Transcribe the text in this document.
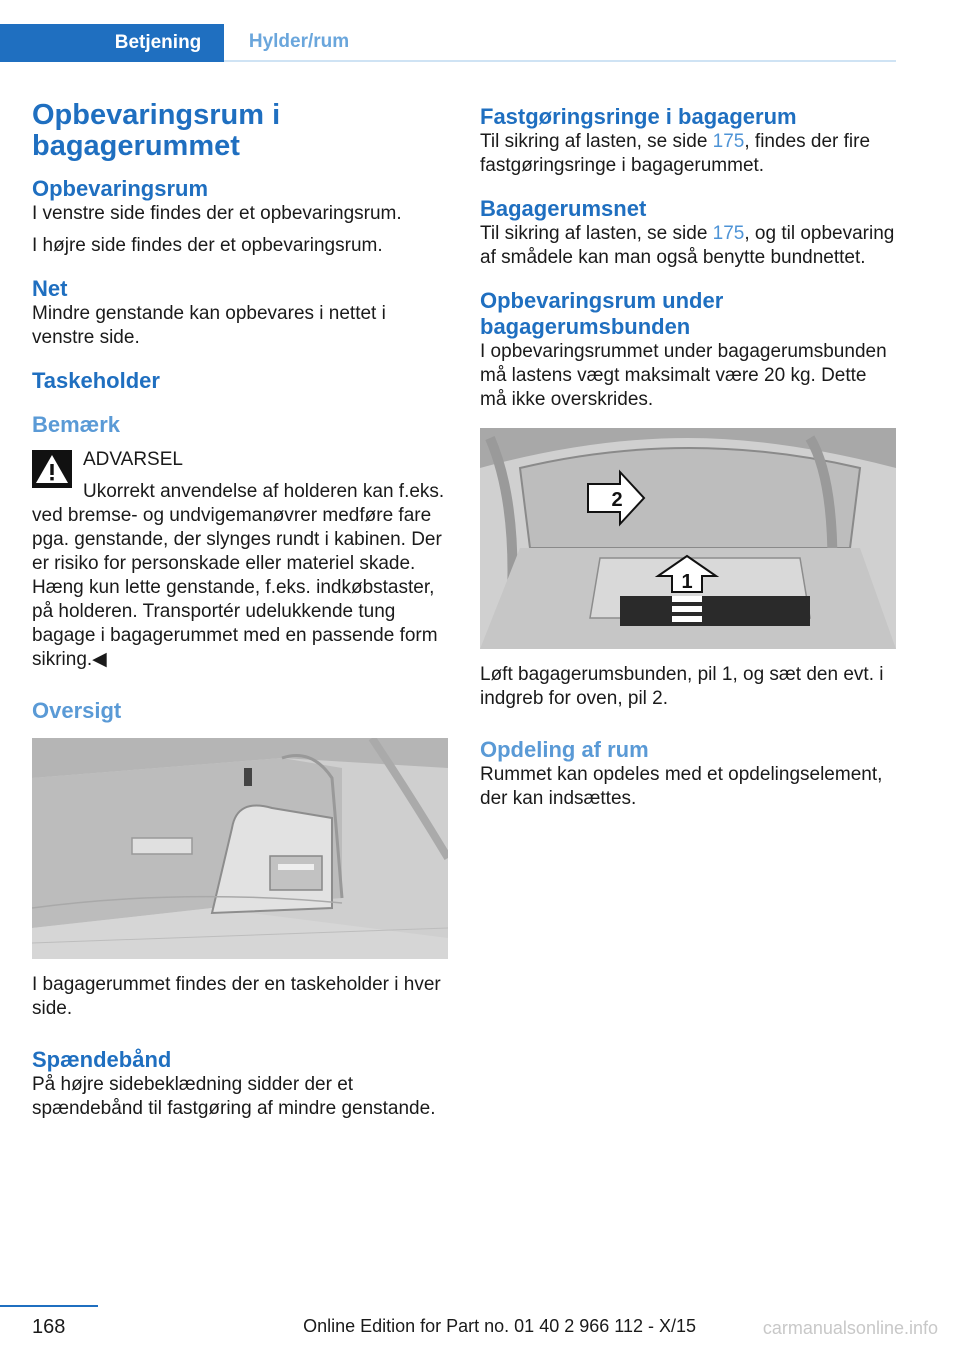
Betjening	Hylder/rum
Opbevaringsrum i bagagerummet
Opbevaringsrum
I venstre side findes der et opbevaringsrum.
I højre side findes der et opbevaringsrum.
Net
Mindre genstande kan opbevares i nettet i venstre side.
Taskeholder
Bemærk
ADVARSEL
Ukorrekt anvendelse af holderen kan f.eks. ved bremse- og undvigemanøvrer medføre fare pga. genstande, der slynges rundt i kabinen. Der er risiko for personskade eller materiel skade. Hæng kun lette genstande, f.eks. indkøbstaster, på holderen. Transportér udelukkende tung bagage i bagagerummet med en passende form sikring.◀
Oversigt
I bagagerummet findes der en taskeholder i hver side.
Spændebånd
På højre sidebeklædning sidder der et spændebånd til fastgøring af mindre genstande.
Fastgøringsringe i bagagerum
Til sikring af lasten, se side 175, findes der fire fastgøringsringe i bagagerummet.
Bagagerumsnet
Til sikring af lasten, se side 175, og til opbevaring af smådele kan man også benytte bundnettet.
Opbevaringsrum under bagagerumsbunden
I opbevaringsrummet under bagagerumsbunden må lastens vægt maksimalt være 20 kg. Dette må ikke overskrides.
1
2
Løft bagagerumsbunden, pil 1, og sæt den evt. i indgreb for oven, pil 2.
Opdeling af rum
Rummet kan opdeles med et opdelingselement, der kan indsættes.
168	Online Edition for Part no. 01 40 2 966 112 - X/15	carmanualsonline.info
